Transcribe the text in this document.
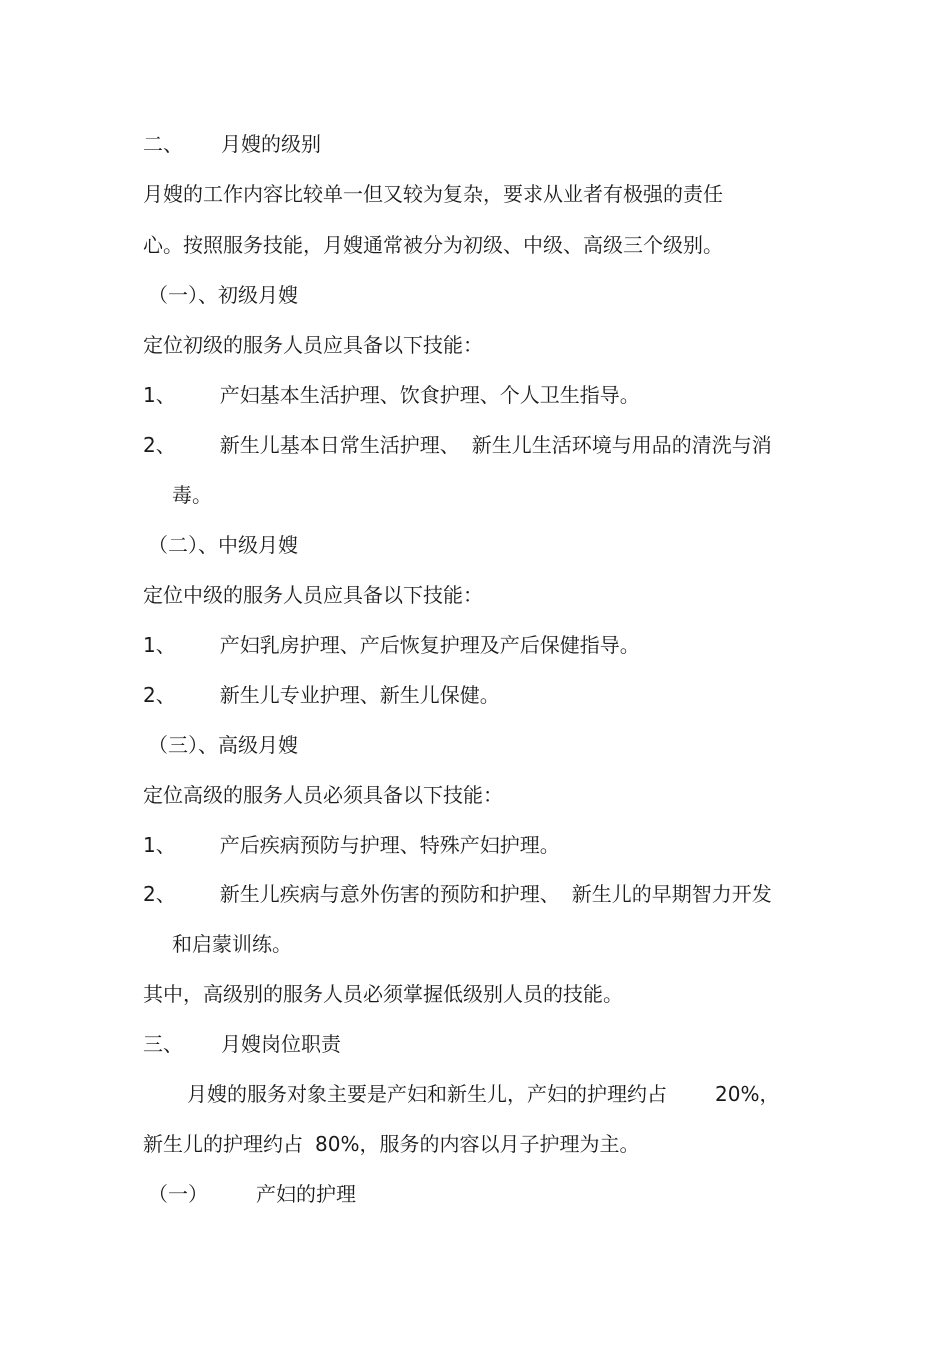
二、 月嫂的级别
月嫂的工作内容比较单一但又较为复杂，要求从业者有极强的责任
心。按照服务技能，月嫂通常被分为初级、中级、高级三个级别。
（一）、初级月嫂
定位初级的服务人员应具备以下技能：
1、 产妇基本生活护理、饮食护理、个人卫生指导。
2、 新生儿基本日常生活护理、 新生儿生活环境与用品的清洗与消
毒。
（二）、中级月嫂
定位中级的服务人员应具备以下技能：
1、 产妇乳房护理、产后恢复护理及产后保健指导。
2、 新生儿专业护理、新生儿保健。
（三）、高级月嫂
定位高级的服务人员必须具备以下技能：
1、 产后疾病预防与护理、特殊产妇护理。
2、 新生儿疾病与意外伤害的预防和护理、 新生儿的早期智力开发
和启蒙训练。
其中，高级别的服务人员必须掌握低级别人员的技能。
三、 月嫂岗位职责
月嫂的服务对象主要是产妇和新生儿，产妇的护理约占 20%，
新生儿的护理约占 80%，服务的内容以月子护理为主。
（一） 产妇的护理
